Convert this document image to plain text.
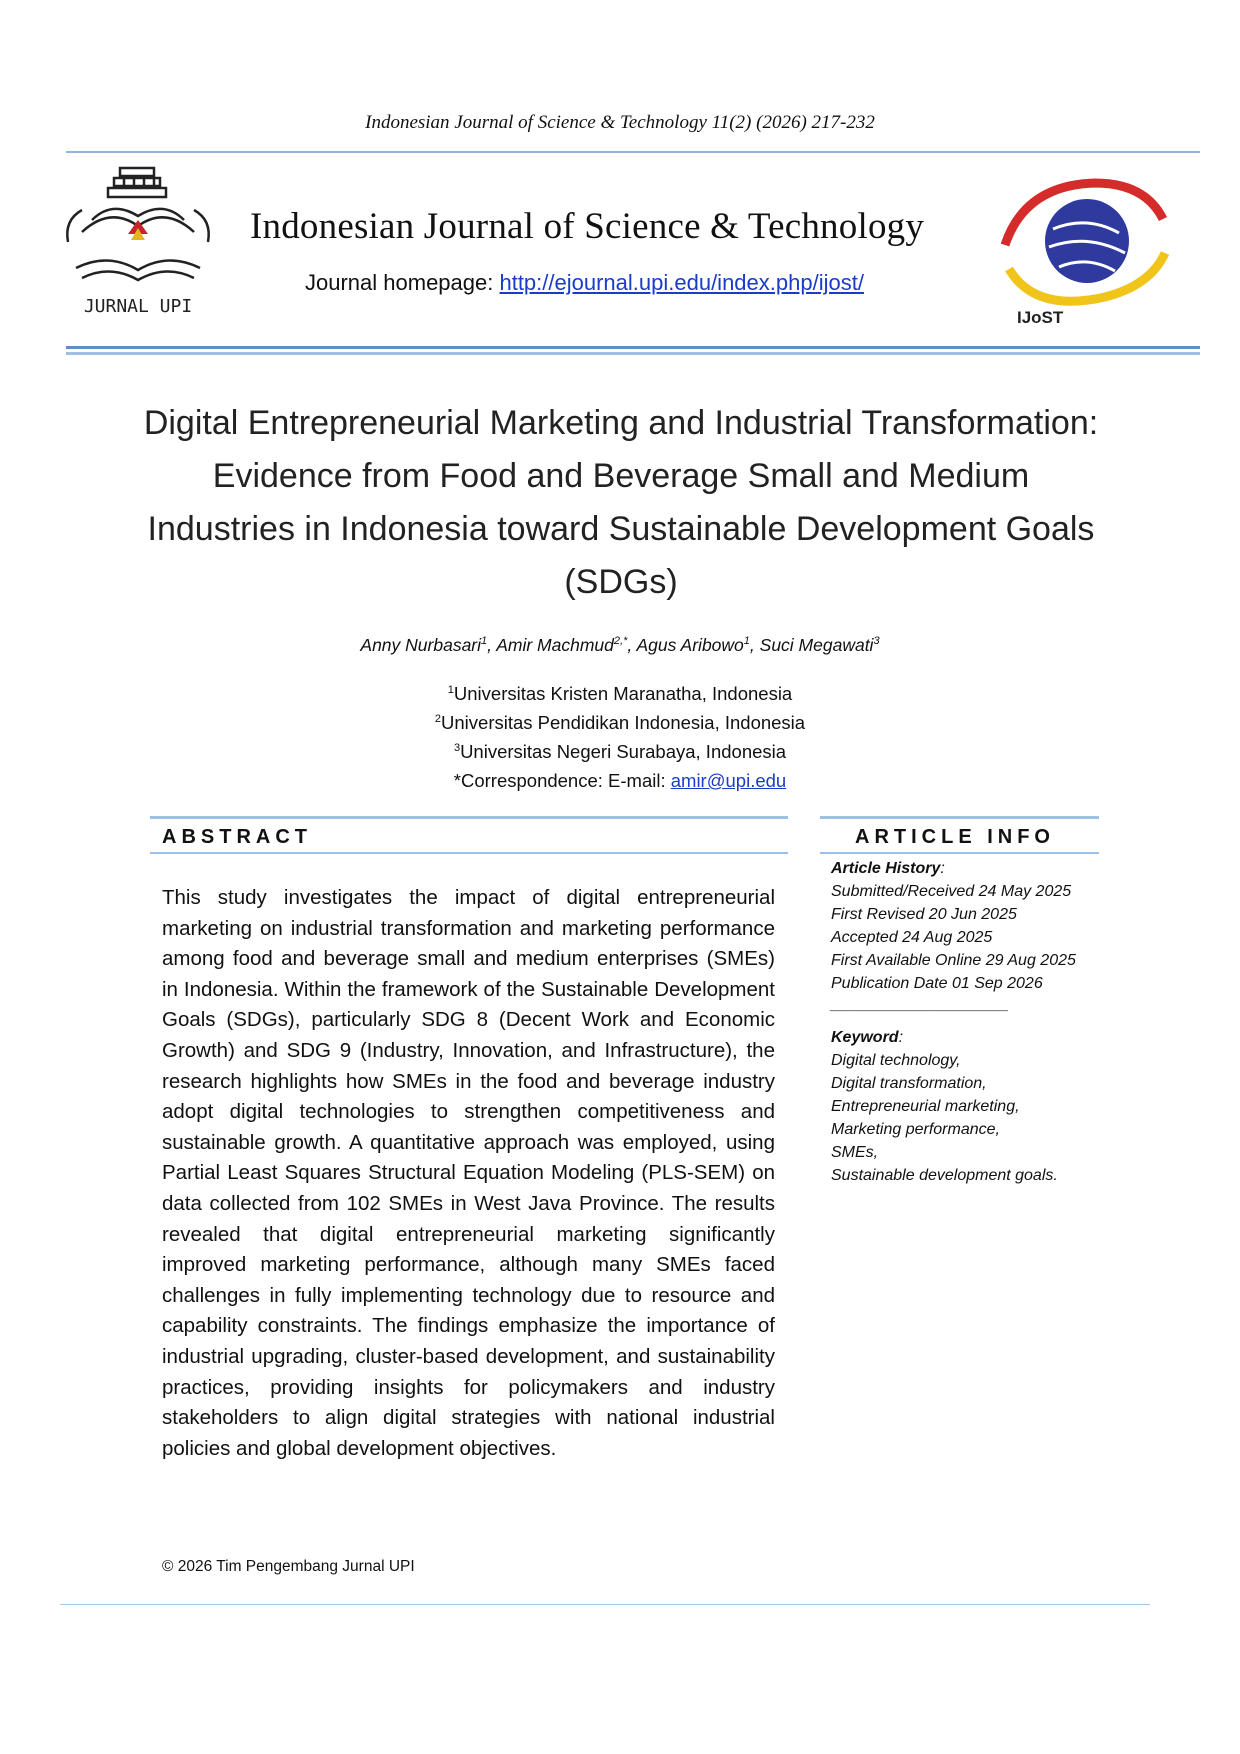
Indonesian Journal of Science & Technology 11(2) (2026) 217-232
JURNAL UPI
Indonesian Journal of Science & Technology
Journal homepage: http://ejournal.upi.edu/index.php/ijost/
IJoST
Digital Entrepreneurial Marketing and Industrial Transformation: Evidence from Food and Beverage Small and Medium Industries in Indonesia toward Sustainable Development Goals (SDGs)
Anny Nurbasari$^1$, Amir Machmud$^{2,*}$, Agus Aribowo$^1$, Suci Megawati$^3$
$^1$Universitas Kristen Maranatha, Indonesia
$^2$Universitas Pendidikan Indonesia, Indonesia
$^3$Universitas Negeri Surabaya, Indonesia
*Correspondence: E-mail: amir@upi.edu
ABSTRACT	ARTICLE INFO
This study investigates the impact of digital entrepreneurial marketing on industrial transformation and marketing performance among food and beverage small and medium enterprises (SMEs) in Indonesia. Within the framework of the Sustainable Development Goals (SDGs), particularly SDG 8 (Decent Work and Economic Growth) and SDG 9 (Industry, Innovation, and Infrastructure), the research highlights how SMEs in the food and beverage industry adopt digital technologies to strengthen competitiveness and sustainable growth. A quantitative approach was employed, using Partial Least Squares Structural Equation Modeling (PLS-SEM) on data collected from 102 SMEs in West Java Province. The results revealed that digital entrepreneurial marketing significantly improved marketing performance, although many SMEs faced challenges in fully implementing technology due to resource and capability constraints. The findings emphasize the importance of industrial upgrading, cluster-based development, and sustainability practices, providing insights for policymakers and industry stakeholders to align digital strategies with national industrial policies and global development objectives.
Article History:
Submitted/Received 24 May 2025
First Revised 20 Jun 2025
Accepted 24 Aug 2025
First Available Online 29 Aug 2025
Publication Date 01 Sep 2026
____________________
Keyword:
Digital technology,
Digital transformation,
Entrepreneurial marketing,
Marketing performance,
SMEs,
Sustainable development goals.
© 2026 Tim Pengembang Jurnal UPI
